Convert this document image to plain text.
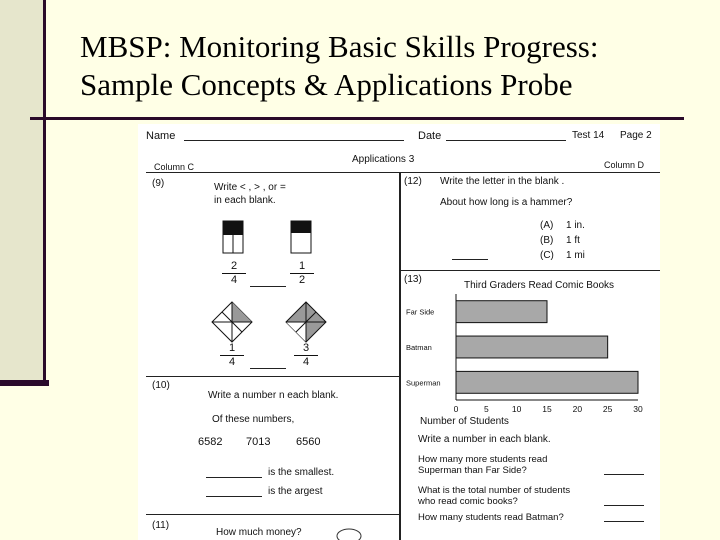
MBSP: Monitoring Basic Skills Progress:
Sample Concepts & Applications Probe
Name	Date	Test 14 Page 2
Column C
Applications 3	Column D
(9)	Write < , > , or =
in each blank.
$\frac{2}{4}$	$\frac{1}{2}$
$\frac{1}{4}$	$\frac{3}{4}$
(10)
Write a number n each blank.
Of these numbers,
6582 7013 6560
is the smallest.
is the argest
(11)
How much money?
(12) Write the letter in the blank .
About how long is a hammer?
(A) 1 in.
(B) 1 ft
(C) 1 mi
(13)
Third Graders Read Comic Books
Far Side
Batman
Superman
0	5	10 15 20 25 30
Number of Students
Write a number in each blank.
How many more students read
Superman than Far Side?
What is the total number of students
who read comic books?
How many students read Batman?
